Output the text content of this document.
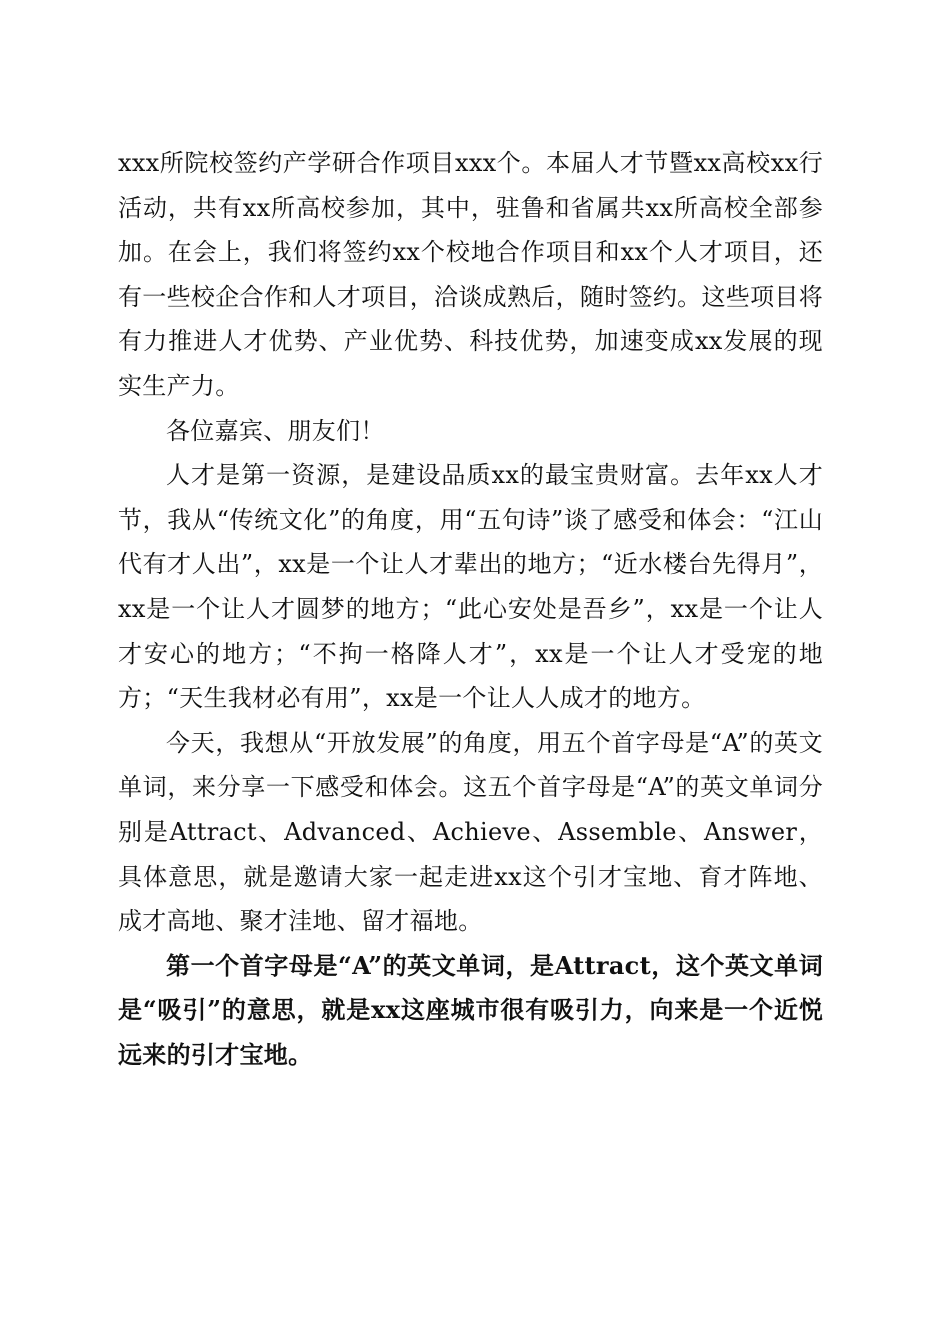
xxx所院校签约产学研合作项目xxx个。本届人才节暨xx高校xx行活动，共有xx所高校参加，其中，驻鲁和省属共xx所高校全部参加。在会上，我们将签约xx个校地合作项目和xx个人才项目，还有一些校企合作和人才项目，洽谈成熟后，随时签约。这些项目将有力推进人才优势、产业优势、科技优势，加速变成xx发展的现实生产力。

各位嘉宾、朋友们！

人才是第一资源，是建设品质xx的最宝贵财富。去年xx人才节，我从“传统文化”的角度，用“五句诗”谈了感受和体会：“江山代有才人出”，xx是一个让人才辈出的地方；“近水楼台先得月”，xx是一个让人才圆梦的地方；“此心安处是吾乡”，xx是一个让人才安心的地方；“不拘一格降人才”，xx是一个让人才受宠的地方；“天生我材必有用”，xx是一个让人人成才的地方。

今天，我想从“开放发展”的角度，用五个首字母是“A”的英文单词，来分享一下感受和体会。这五个首字母是“A”的英文单词分别是Attract、Advanced、Achieve、Assemble、Answer，具体意思，就是邀请大家一起走进xx这个引才宝地、育才阵地、成才高地、聚才洼地、留才福地。

第一个首字母是“A”的英文单词，是Attract，这个英文单词是“吸引”的意思，就是xx这座城市很有吸引力，向来是一个近悦远来的引才宝地。
